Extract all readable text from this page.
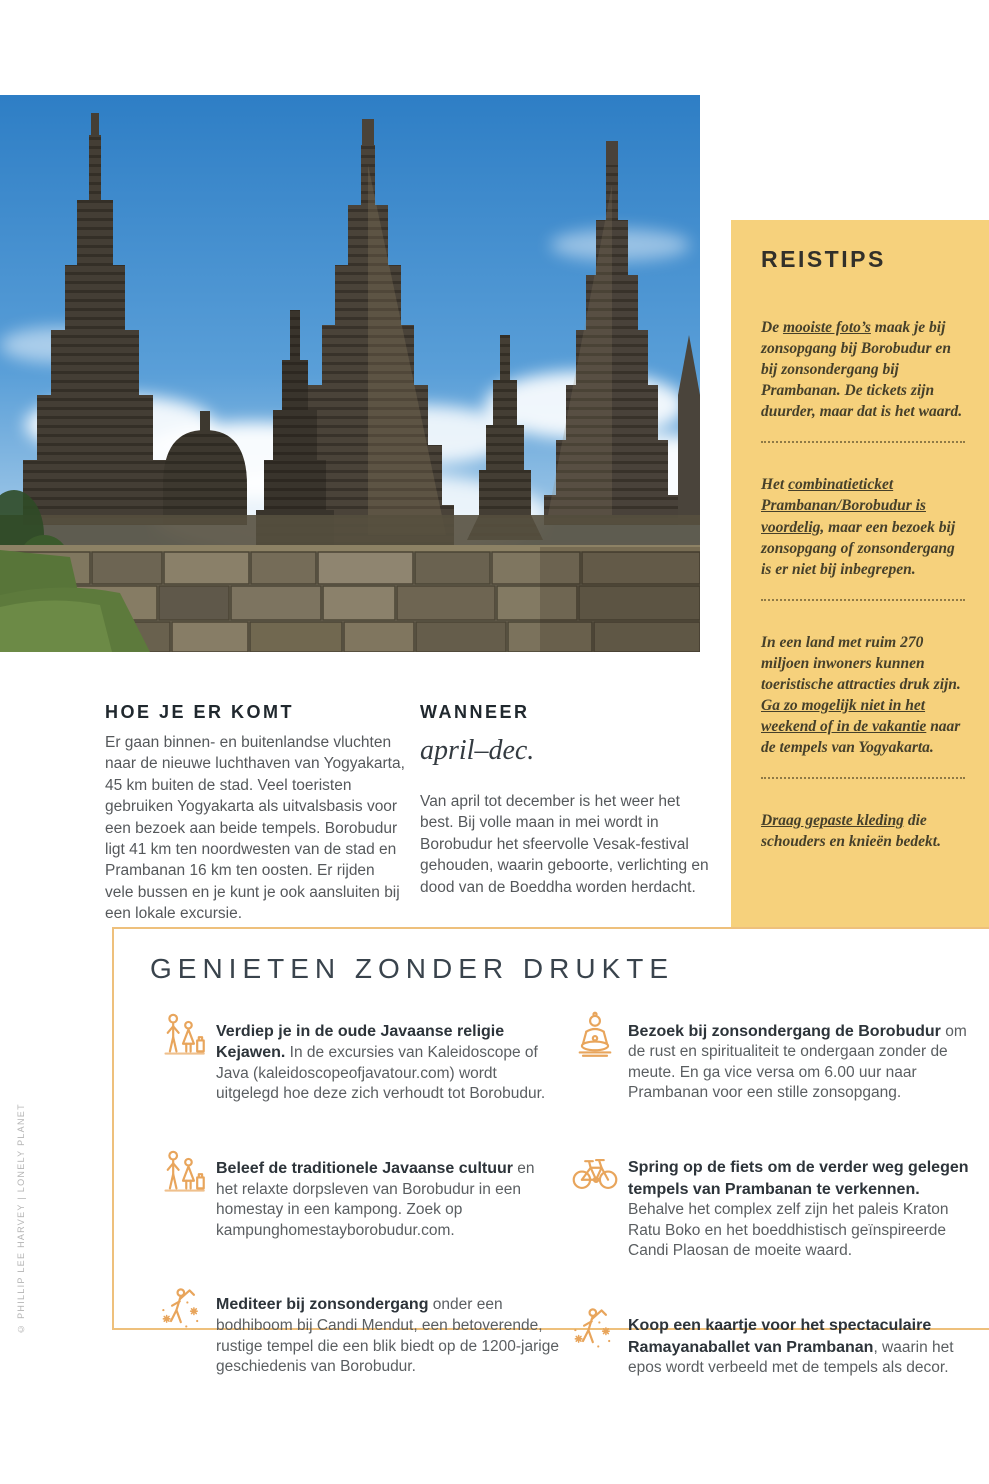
© PHILLIP LEE HARVEY | LONELY PLANET
REISTIPS

De mooiste foto’s maak je bij zonsopgang bij Borobudur en bij zonsondergang bij Prambanan. De tickets zijn duurder, maar dat is het waard.

Het combinatieticket Prambanan/Borobudur is voordelig, maar een bezoek bij zonsopgang of zonsondergang is er niet bij inbegrepen.

In een land met ruim 270 miljoen inwoners kunnen toeristische attracties druk zijn. Ga zo mogelijk niet in het weekend of in de vakantie naar de tempels van Yogyakarta.

Draag gepaste kleding die schouders en knieën bedekt.

HOE JE ER KOMT
Er gaan binnen- en buitenlandse vluchten naar de nieuwe luchthaven van Yogyakarta, 45 km buiten de stad. Veel toeristen gebruiken Yogyakarta als uitvalsbasis voor een bezoek aan beide tempels. Borobudur ligt 41 km ten noordwesten van de stad en Prambanan 16 km ten oosten. Er rijden vele bussen en je kunt je ook aansluiten bij een lokale excursie.
WANNEER
april–dec.
Van april tot december is het weer het best. Bij volle maan in mei wordt in Borobudur het sfeervolle Vesak-festival gehouden, waarin geboorte, verlichting en dood van de Boeddha worden herdacht.
GENIETEN ZONDER DRUKTE

Verdiep je in de oude Javaanse religie Kejawen. In de excursies van Kaleidoscope of Java (kaleidoscopeofjavatour.com) wordt uitgelegd hoe deze zich verhoudt tot Borobudur.

Beleef de traditionele Javaanse cultuur en het relaxte dorpsleven van Borobudur in een homestay in een kampong. Zoek op kampunghomestayborobudur.com.

Mediteer bij zonsondergang onder een bodhiboom bij Candi Mendut, een betoverende, rustige tempel die een blik biedt op de 1200-jarige geschiedenis van Borobudur.

Bezoek bij zonsondergang de Borobudur om de rust en spiritualiteit te ondergaan zonder de meute. En ga vice versa om 6.00 uur naar Prambanan voor een stille zonsopgang.

Spring op de fiets om de verder weg gelegen tempels van Prambanan te verkennen. Behalve het complex zelf zijn het paleis Kraton Ratu Boko en het boeddhistisch geïnspireerde Candi Plaosan de moeite waard.

Koop een kaartje voor het spectaculaire Ramayanaballet van Prambanan, waarin het epos wordt verbeeld met de tempels als decor.
